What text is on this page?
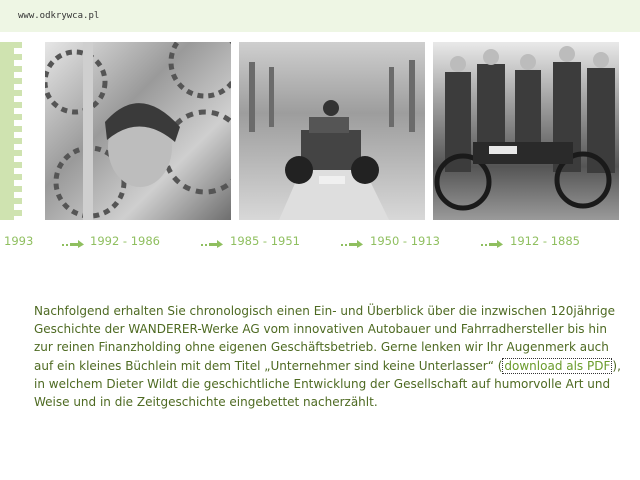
www.odkrywca.pl
1993	1992 - 1986	1985 - 1951	1950 - 1913	1912 - 1885

Nachfolgend erhalten Sie chronologisch einen Ein- und Überblick über die inzwischen 120jährige Geschichte der WANDERER-Werke AG vom innovativen Autobauer und Fahrradhersteller bis hin zur reinen Finanzholding ohne eigenen Geschäftsbetrieb. Gerne lenken wir Ihr Augenmerk auch auf ein kleines Büchlein mit dem Titel „Unternehmer sind keine Unterlasser“ ( download als PDF ), in welchem Dieter Wildt die geschichtliche Entwicklung der Gesellschaft auf humorvolle Art und Weise und in die Zeitgeschichte eingebettet nacherzählt.
